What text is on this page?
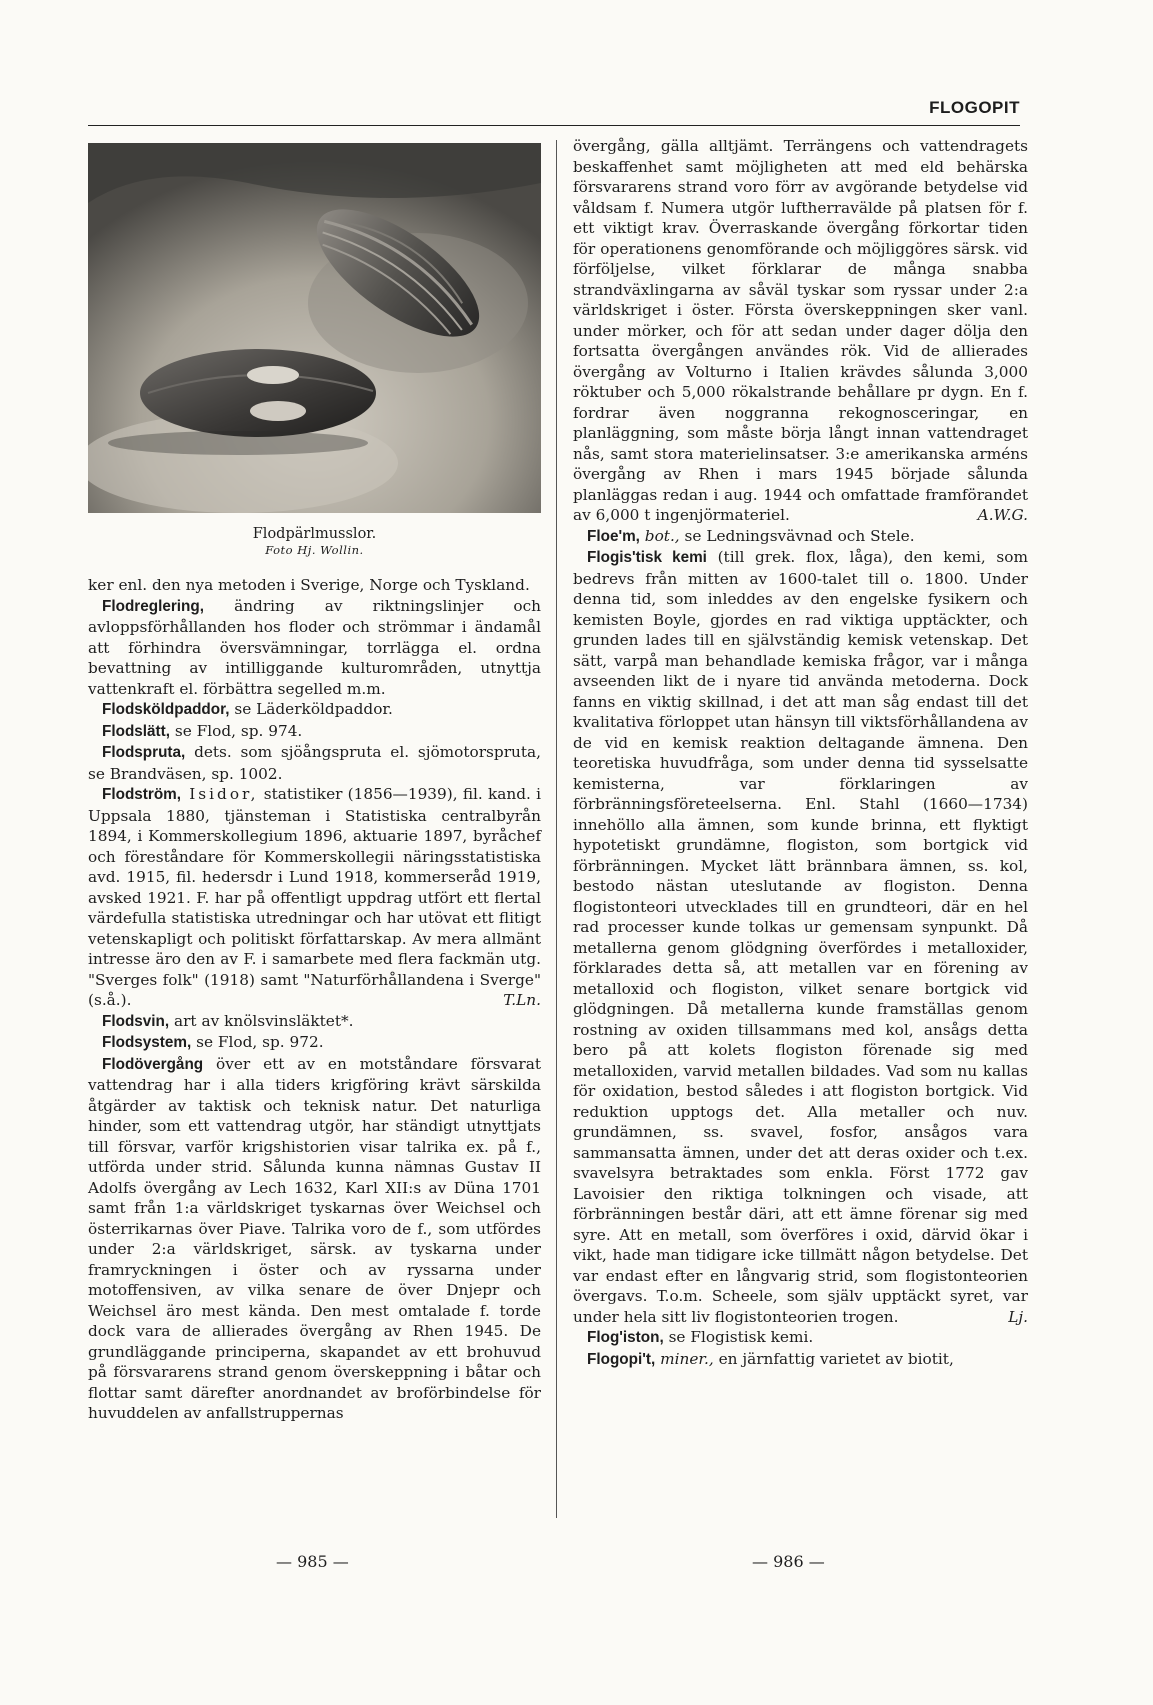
FLOGOPIT
Flodpärlmusslor.
Foto Hj. Wollin.

ker enl. den nya metoden i Sverige, Norge och Tyskland.

Flodreglering, ändring av riktningslinjer och avloppsförhållanden hos floder och strömmar i ändamål att förhindra översvämningar, torrlägga el. ordna bevattning av intilliggande kulturområden, utnyttja vattenkraft el. förbättra segelled m.m.

Flodsköldpaddor, se Läderköldpaddor.

Flodslätt, se Flod, sp. 974.

Flodspruta, dets. som sjöångspruta el. sjömotorspruta, se Brandväsen, sp. 1002.

Flodström, Isidor, statistiker (1856—1939), fil. kand. i Uppsala 1880, tjänsteman i Statistiska centralbyrån 1894, i Kommerskollegium 1896, aktuarie 1897, byråchef och föreståndare för Kommerskollegii näringsstatistiska avd. 1915, fil. hedersdr i Lund 1918, kommerseråd 1919, avsked 1921. F. har på offentligt uppdrag utfört ett flertal värdefulla statistiska utredningar och har utövat ett flitigt vetenskapligt och politiskt författarskap. Av mera allmänt intresse äro den av F. i samarbete med flera fackmän utg. "Sverges folk" (1918) samt "Naturförhållandena i Sverge" (s.å.).	T.Ln.

Flodsvin, art av knölsvinsläktet*.

Flodsystem, se Flod, sp. 972.

Flodövergång över ett av en motståndare försvarat vattendrag har i alla tiders krigföring krävt särskilda åtgärder av taktisk och teknisk natur. Det naturliga hinder, som ett vattendrag utgör, har ständigt utnyttjats till försvar, varför krigshistorien visar talrika ex. på f., utförda under strid. Sålunda kunna nämnas Gustav II Adolfs övergång av Lech 1632, Karl XII:s av Düna 1701 samt från 1:a världskriget tyskarnas över Weichsel och österrikarnas över Piave. Talrika voro de f., som utfördes under 2:a världskriget, särsk. av tyskarna under framryckningen i öster och av ryssarna under motoffensiven, av vilka senare de över Dnjepr och Weichsel äro mest kända. Den mest omtalade f. torde dock vara de allierades övergång av Rhen 1945. De grundläggande principerna, skapandet av ett brohuvud på försvararens strand genom överskeppning i båtar och flottar samt därefter anordnandet av broförbindelse för huvuddelen av anfallstruppernas

övergång, gälla alltjämt. Terrängens och vattendragets beskaffenhet samt möjligheten att med eld behärska försvararens strand voro förr av avgörande betydelse vid våldsam f. Numera utgör luftherravälde på platsen för f. ett viktigt krav. Överraskande övergång förkortar tiden för operationens genomförande och möjliggöres särsk. vid förföljelse, vilket förklarar de många snabba strandväxlingarna av såväl tyskar som ryssar under 2:a världskriget i öster. Första överskeppningen sker vanl. under mörker, och för att sedan under dager dölja den fortsatta övergången användes rök. Vid de allierades övergång av Volturno i Italien krävdes sålunda 3,000 röktuber och 5,000 rökalstrande behållare pr dygn. En f. fordrar även noggranna rekognosceringar, en planläggning, som måste börja långt innan vattendraget nås, samt stora materielinsatser. 3:e amerikanska arméns övergång av Rhen i mars 1945 började sålunda planläggas redan i aug. 1944 och omfattade framförandet av 6,000 t ingenjörmateriel.	A.W.G.

Floe'm, bot., se Ledningsvävnad och Stele.

Flogis'tisk kemi (till grek. flox, låga), den kemi, som bedrevs från mitten av 1600-talet till o. 1800. Under denna tid, som inleddes av den engelske fysikern och kemisten Boyle, gjordes en rad viktiga upptäckter, och grunden lades till en självständig kemisk vetenskap. Det sätt, varpå man behandlade kemiska frågor, var i många avseenden likt de i nyare tid använda metoderna. Dock fanns en viktig skillnad, i det att man såg endast till det kvalitativa förloppet utan hänsyn till viktsförhållandena av de vid en kemisk reaktion deltagande ämnena. Den teoretiska huvudfråga, som under denna tid sysselsatte kemisterna, var förklaringen av förbränningsföreteelserna. Enl. Stahl (1660—1734) innehöllo alla ämnen, som kunde brinna, ett flyktigt hypotetiskt grundämne, flogiston, som bortgick vid förbränningen. Mycket lätt brännbara ämnen, ss. kol, bestodo nästan uteslutande av flogiston. Denna flogistonteori utvecklades till en grundteori, där en hel rad processer kunde tolkas ur gemensam synpunkt. Då metallerna genom glödgning överfördes i metalloxider, förklarades detta så, att metallen var en förening av metalloxid och flogiston, vilket senare bortgick vid glödgningen. Då metallerna kunde framställas genom rostning av oxiden tillsammans med kol, ansågs detta bero på att kolets flogiston förenade sig med metalloxiden, varvid metallen bildades. Vad som nu kallas för oxidation, bestod således i att flogiston bortgick. Vid reduktion upptogs det. Alla metaller och nuv. grundämnen, ss. svavel, fosfor, ansågos vara sammansatta ämnen, under det att deras oxider och t.ex. svavelsyra betraktades som enkla. Först 1772 gav Lavoisier den riktiga tolkningen och visade, att förbränningen består däri, att ett ämne förenar sig med syre. Att en metall, som överföres i oxid, därvid ökar i vikt, hade man tidigare icke tillmätt någon betydelse. Det var endast efter en långvarig strid, som flogistonteorien övergavs. T.o.m. Scheele, som själv upptäckt syret, var under hela sitt liv flogistonteorien trogen.	Lj.

Flog'iston, se Flogistisk kemi.

Flogopi't, miner., en järnfattig varietet av biotit,

— 985 —	— 986 —
